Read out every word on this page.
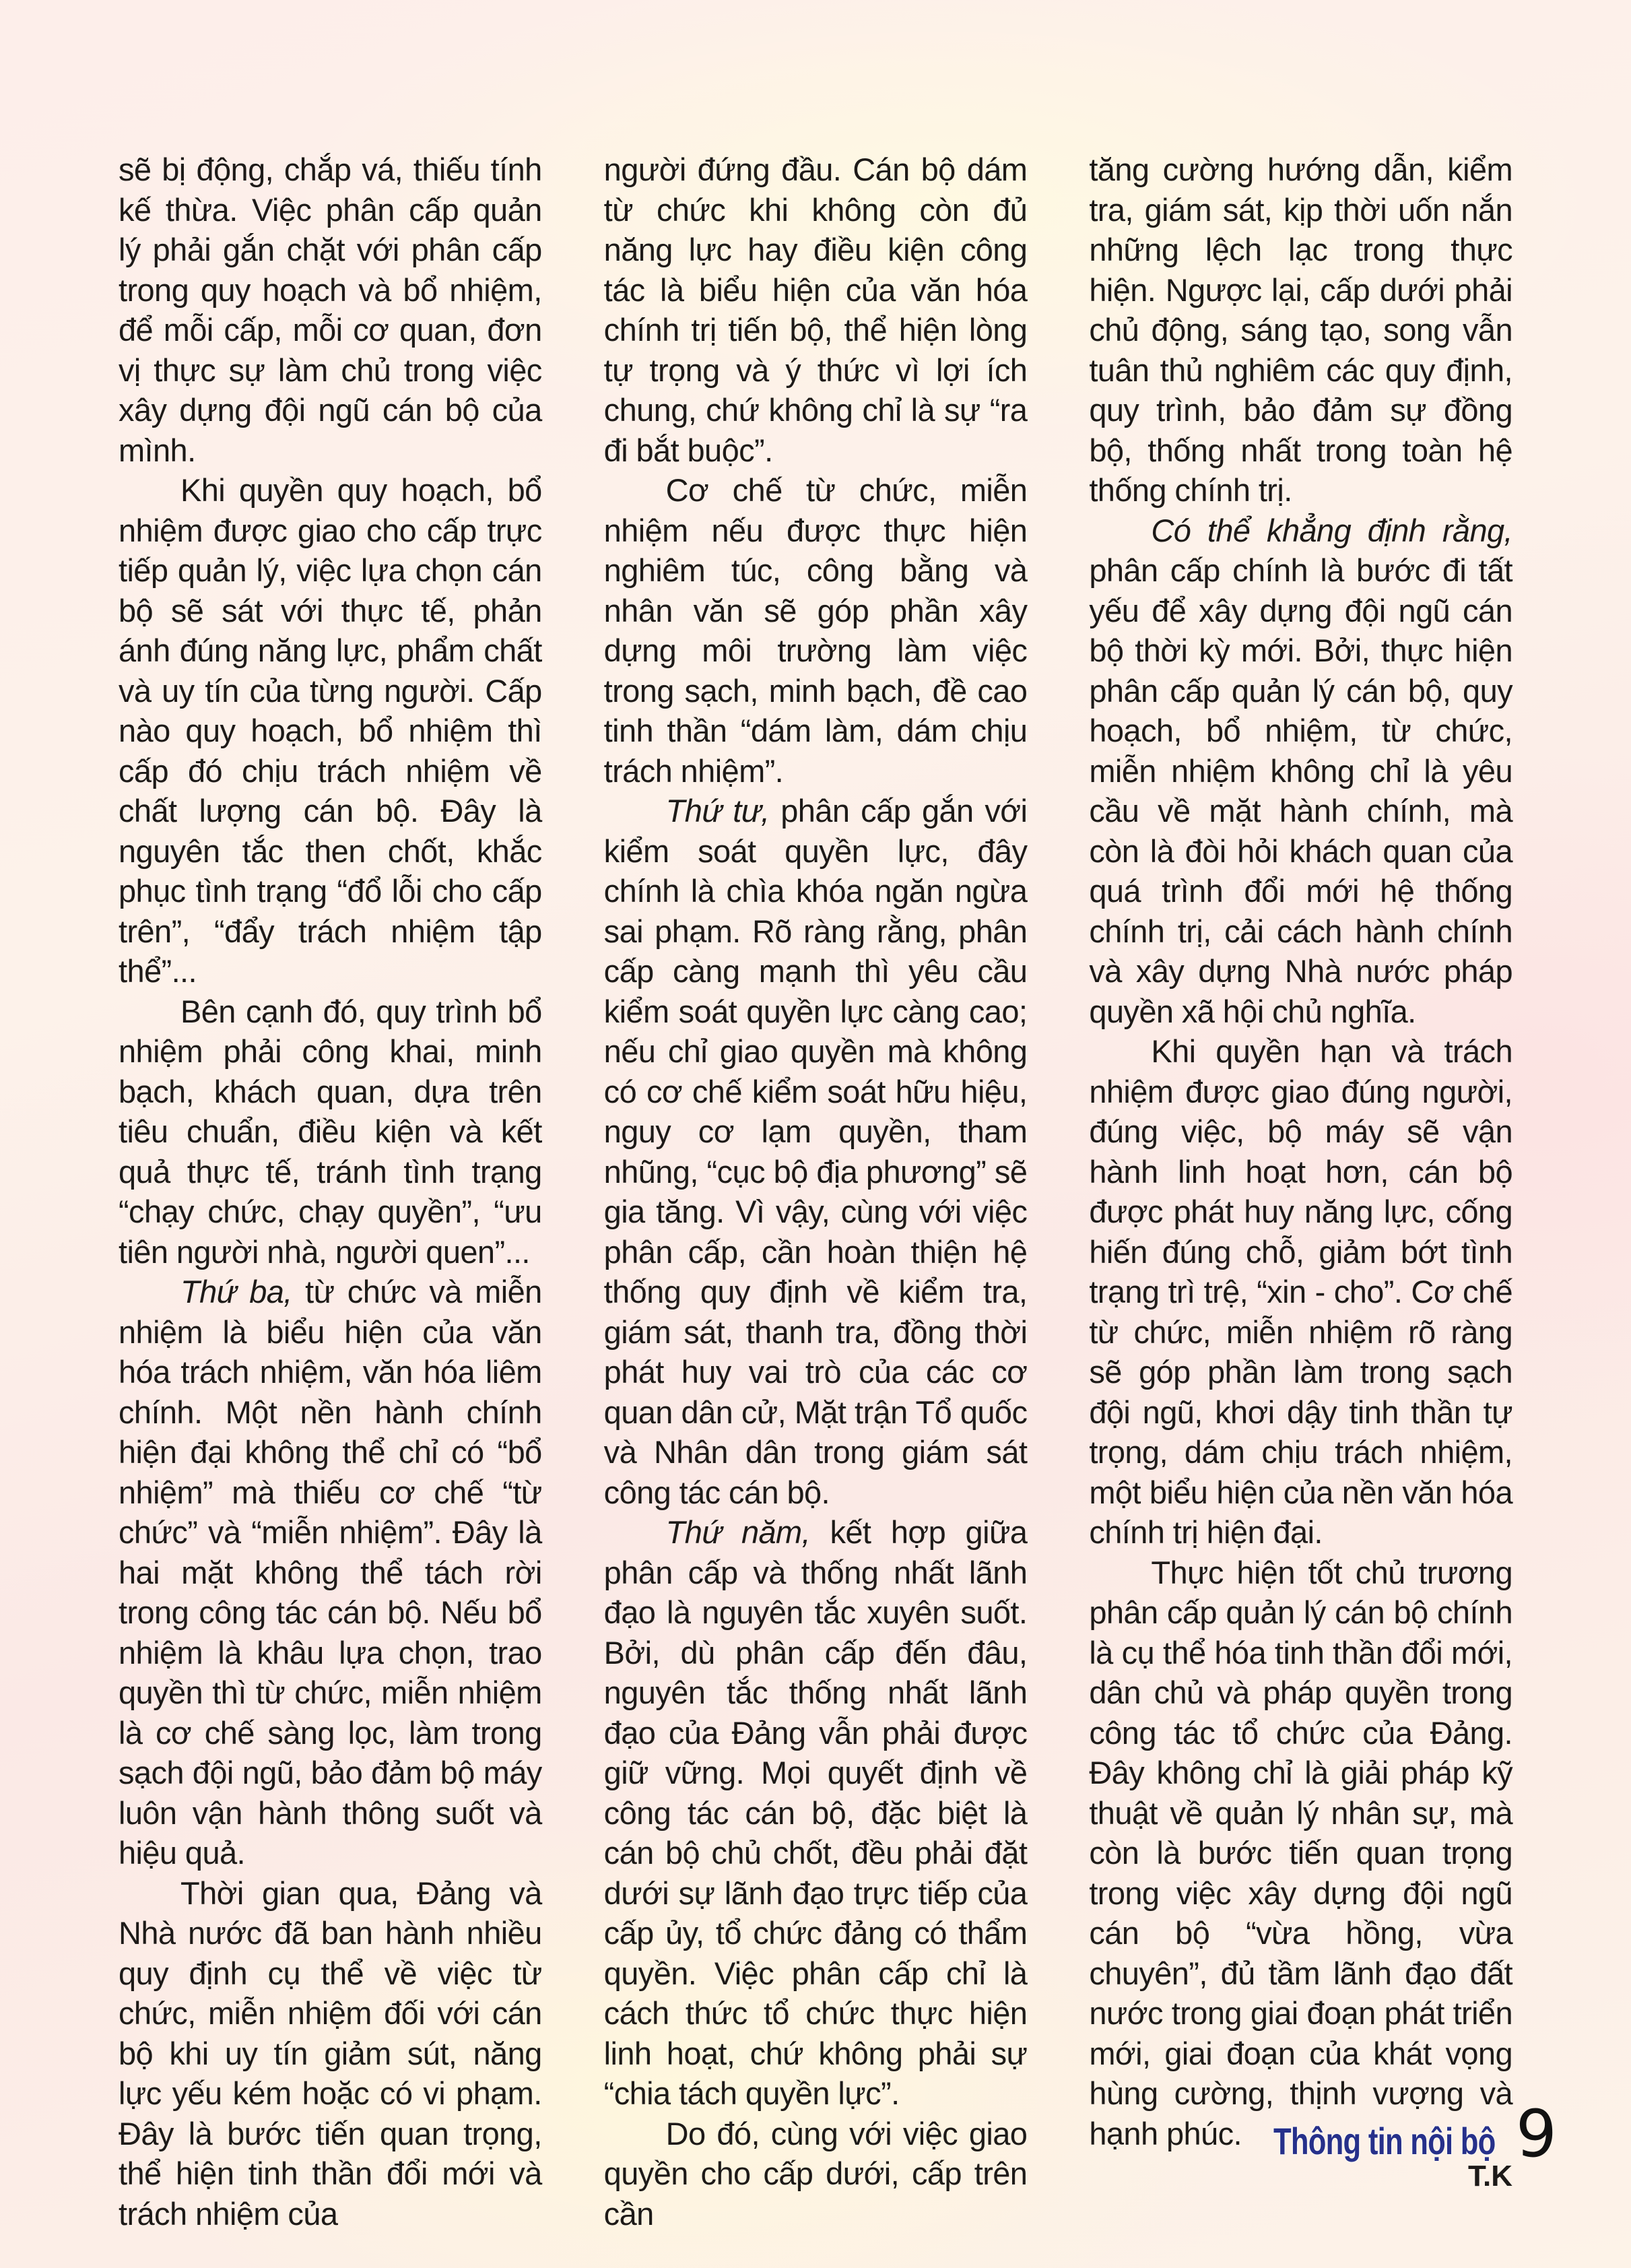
sẽ bị động, chắp vá, thiếu tính kế thừa. Việc phân cấp quản lý phải gắn chặt với phân cấp trong quy hoạch và bổ nhiệm, để mỗi cấp, mỗi cơ quan, đơn vị thực sự làm chủ trong việc xây dựng đội ngũ cán bộ của mình.

Khi quyền quy hoạch, bổ nhiệm được giao cho cấp trực tiếp quản lý, việc lựa chọn cán bộ sẽ sát với thực tế, phản ánh đúng năng lực, phẩm chất và uy tín của từng người. Cấp nào quy hoạch, bổ nhiệm thì cấp đó chịu trách nhiệm về chất lượng cán bộ. Đây là nguyên tắc then chốt, khắc phục tình trạng “đổ lỗi cho cấp trên”, “đẩy trách nhiệm tập thể”...

Bên cạnh đó, quy trình bổ nhiệm phải công khai, minh bạch, khách quan, dựa trên tiêu chuẩn, điều kiện và kết quả thực tế, tránh tình trạng “chạy chức, chạy quyền”, “ưu tiên người nhà, người quen”...

Thứ ba, từ chức và miễn nhiệm là biểu hiện của văn hóa trách nhiệm, văn hóa liêm chính. Một nền hành chính hiện đại không thể chỉ có “bổ nhiệm” mà thiếu cơ chế “từ chức” và “miễn nhiệm”. Đây là hai mặt không thể tách rời trong công tác cán bộ. Nếu bổ nhiệm là khâu lựa chọn, trao quyền thì từ chức, miễn nhiệm là cơ chế sàng lọc, làm trong sạch đội ngũ, bảo đảm bộ máy luôn vận hành thông suốt và hiệu quả.

Thời gian qua, Đảng và Nhà nước đã ban hành nhiều quy định cụ thể về việc từ chức, miễn nhiệm đối với cán bộ khi uy tín giảm sút, năng lực yếu kém hoặc có vi phạm. Đây là bước tiến quan trọng, thể hiện tinh thần đổi mới và trách nhiệm của

người đứng đầu. Cán bộ dám từ chức khi không còn đủ năng lực hay điều kiện công tác là biểu hiện của văn hóa chính trị tiến bộ, thể hiện lòng tự trọng và ý thức vì lợi ích chung, chứ không chỉ là sự “ra đi bắt buộc”.

Cơ chế từ chức, miễn nhiệm nếu được thực hiện nghiêm túc, công bằng và nhân văn sẽ góp phần xây dựng môi trường làm việc trong sạch, minh bạch, đề cao tinh thần “dám làm, dám chịu trách nhiệm”.

Thứ tư, phân cấp gắn với kiểm soát quyền lực, đây chính là chìa khóa ngăn ngừa sai phạm. Rõ ràng rằng, phân cấp càng mạnh thì yêu cầu kiểm soát quyền lực càng cao; nếu chỉ giao quyền mà không có cơ chế kiểm soát hữu hiệu, nguy cơ lạm quyền, tham nhũng, “cục bộ địa phương” sẽ gia tăng. Vì vậy, cùng với việc phân cấp, cần hoàn thiện hệ thống quy định về kiểm tra, giám sát, thanh tra, đồng thời phát huy vai trò của các cơ quan dân cử, Mặt trận Tổ quốc và Nhân dân trong giám sát công tác cán bộ.

Thứ năm, kết hợp giữa phân cấp và thống nhất lãnh đạo là nguyên tắc xuyên suốt. Bởi, dù phân cấp đến đâu, nguyên tắc thống nhất lãnh đạo của Đảng vẫn phải được giữ vững. Mọi quyết định về công tác cán bộ, đặc biệt là cán bộ chủ chốt, đều phải đặt dưới sự lãnh đạo trực tiếp của cấp ủy, tổ chức đảng có thẩm quyền. Việc phân cấp chỉ là cách thức tổ chức thực hiện linh hoạt, chứ không phải sự “chia tách quyền lực”.

Do đó, cùng với việc giao quyền cho cấp dưới, cấp trên cần

tăng cường hướng dẫn, kiểm tra, giám sát, kịp thời uốn nắn những lệch lạc trong thực hiện. Ngược lại, cấp dưới phải chủ động, sáng tạo, song vẫn tuân thủ nghiêm các quy định, quy trình, bảo đảm sự đồng bộ, thống nhất trong toàn hệ thống chính trị.

Có thể khẳng định rằng, phân cấp chính là bước đi tất yếu để xây dựng đội ngũ cán bộ thời kỳ mới. Bởi, thực hiện phân cấp quản lý cán bộ, quy hoạch, bổ nhiệm, từ chức, miễn nhiệm không chỉ là yêu cầu về mặt hành chính, mà còn là đòi hỏi khách quan của quá trình đổi mới hệ thống chính trị, cải cách hành chính và xây dựng Nhà nước pháp quyền xã hội chủ nghĩa.

Khi quyền hạn và trách nhiệm được giao đúng người, đúng việc, bộ máy sẽ vận hành linh hoạt hơn, cán bộ được phát huy năng lực, cống hiến đúng chỗ, giảm bớt tình trạng trì trệ, “xin - cho”. Cơ chế từ chức, miễn nhiệm rõ ràng sẽ góp phần làm trong sạch đội ngũ, khơi dậy tinh thần tự trọng, dám chịu trách nhiệm, một biểu hiện của nền văn hóa chính trị hiện đại.

Thực hiện tốt chủ trương phân cấp quản lý cán bộ chính là cụ thể hóa tinh thần đổi mới, dân chủ và pháp quyền trong công tác tổ chức của Đảng. Đây không chỉ là giải pháp kỹ thuật về quản lý nhân sự, mà còn là bước tiến quan trọng trong việc xây dựng đội ngũ cán bộ “vừa hồng, vừa chuyên”, đủ tầm lãnh đạo đất nước trong giai đoạn phát triển mới, giai đoạn của khát vọng hùng cường, thịnh vượng và hạnh phúc.

T.K
Thông tin nội bộ 9
